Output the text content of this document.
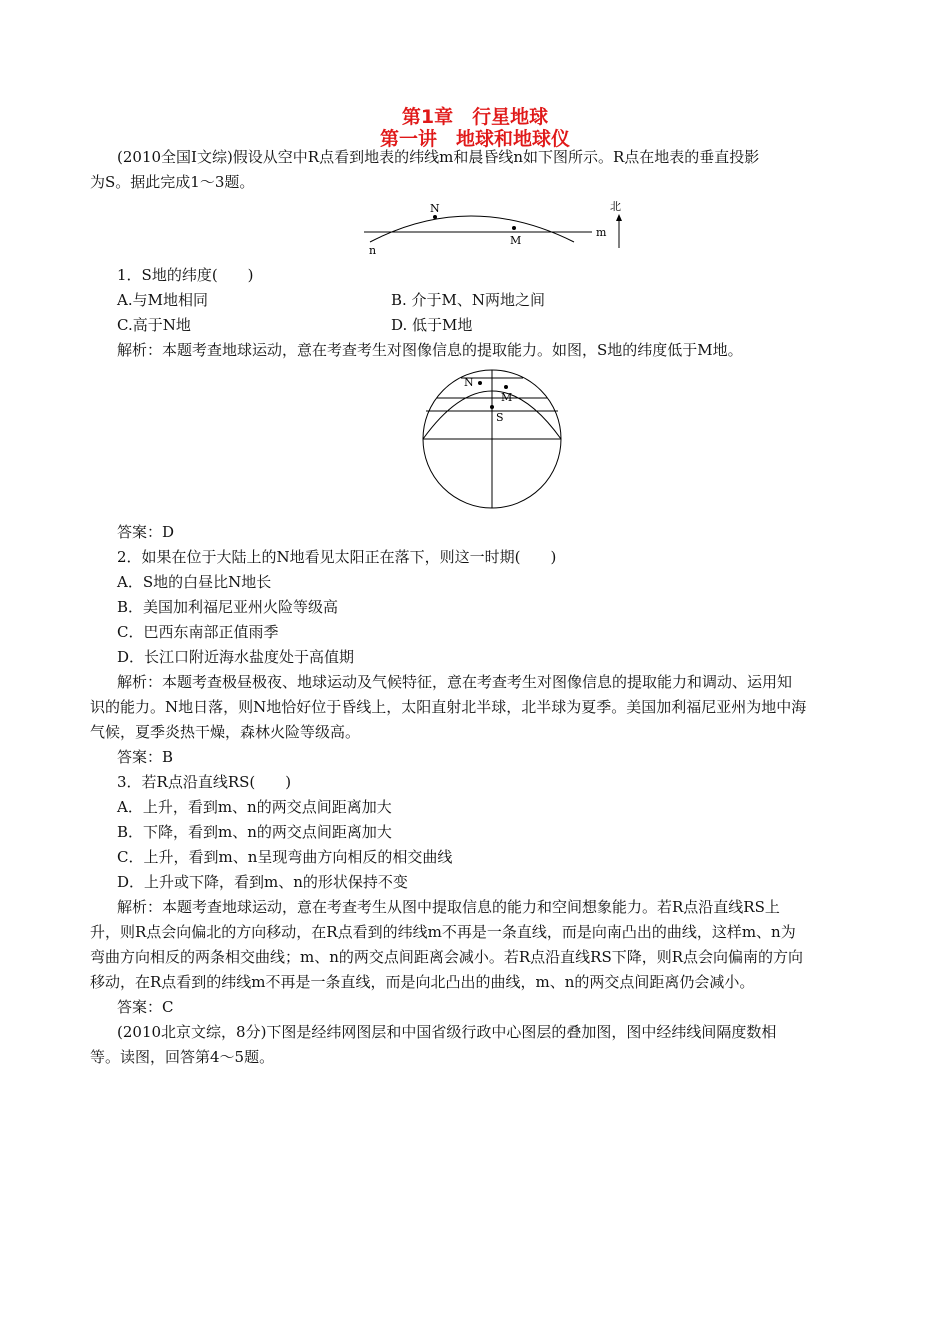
第1章　行星地球
第一讲　地球和地球仪
(2010全国Ⅰ文综)假设从空中R点看到地表的纬线m和晨昏线n如下图所示。R点在地表的垂直投影
为S。据此完成1～3题。
N
M
m
n
北
1．S地的纬度(　　)
A.与M地相同	B. 介于M、N两地之间
C.高于N地	D. 低于M地
解析：本题考查地球运动，意在考查考生对图像信息的提取能力。如图，S地的纬度低于M地。
N
M
S
答案：D
2．如果在位于大陆上的N地看见太阳正在落下，则这一时期(　　)
A．S地的白昼比N地长
B．美国加利福尼亚州火险等级高
C．巴西东南部正值雨季
D．长江口附近海水盐度处于高值期
解析：本题考查极昼极夜、地球运动及气候特征，意在考查考生对图像信息的提取能力和调动、运用知
识的能力。N地日落，则N地恰好位于昏线上，太阳直射北半球，北半球为夏季。美国加利福尼亚州为地中海
气候，夏季炎热干燥，森林火险等级高。
答案：B
3．若R点沿直线RS(　　)
A．上升，看到m、n的两交点间距离加大
B．下降，看到m、n的两交点间距离加大
C．上升，看到m、n呈现弯曲方向相反的相交曲线
D．上升或下降，看到m、n的形状保持不变
解析：本题考查地球运动，意在考查考生从图中提取信息的能力和空间想象能力。若R点沿直线RS上
升，则R点会向偏北的方向移动，在R点看到的纬线m不再是一条直线，而是向南凸出的曲线，这样m、n为
弯曲方向相反的两条相交曲线；m、n的两交点间距离会减小。若R点沿直线RS下降，则R点会向偏南的方向
移动，在R点看到的纬线m不再是一条直线，而是向北凸出的曲线，m、n的两交点间距离仍会减小。
答案：C
(2010北京文综，8分)下图是经纬网图层和中国省级行政中心图层的叠加图，图中经纬线间隔度数相
等。读图，回答第4～5题。
